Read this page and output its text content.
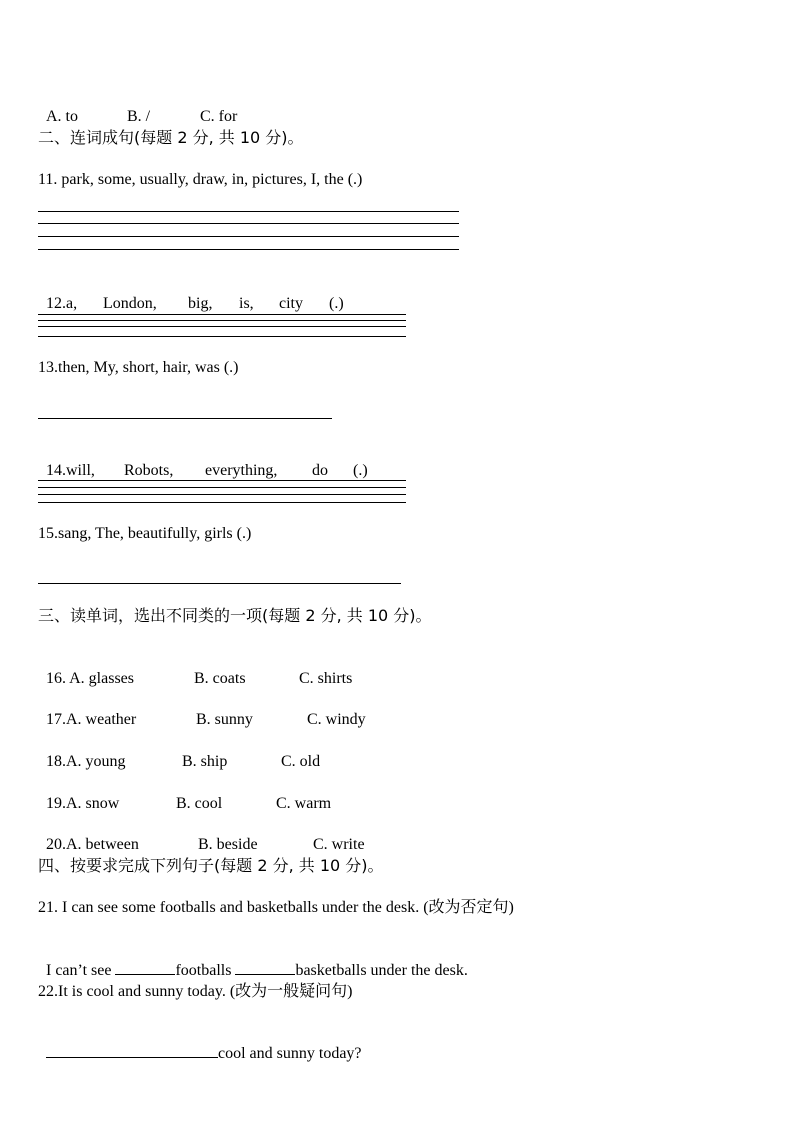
A. to	B. /	C. for

二、连词成句(每题 2 分, 共 10 分)。
11. park, some, usually, draw, in, pictures, I, the (.)

12.a, London, big, is, city (.)

13.then, My, short, hair, was (.)

14.will, Robots, everything, do (.)

15.sang, The, beautifully, girls (.)
三、读单词，选出不同类的一项(每题 2 分, 共 10 分)。

16. A. glasses	B. coats	C. shirts

17.A. weather	B. sunny	C. windy

18.A. young	B. ship	C. old

19.A. snow	B. cool	C. warm

20.A. between	B. beside	C. write

四、按要求完成下列句子(每题 2 分, 共 10 分)。
21. I can see some footballs and basketballs under the desk. (改为否定句)

I can’t see	footballs	basketballs under the desk.

22.It is cool and sunny today. (改为一般疑问句)

cool and sunny today?
